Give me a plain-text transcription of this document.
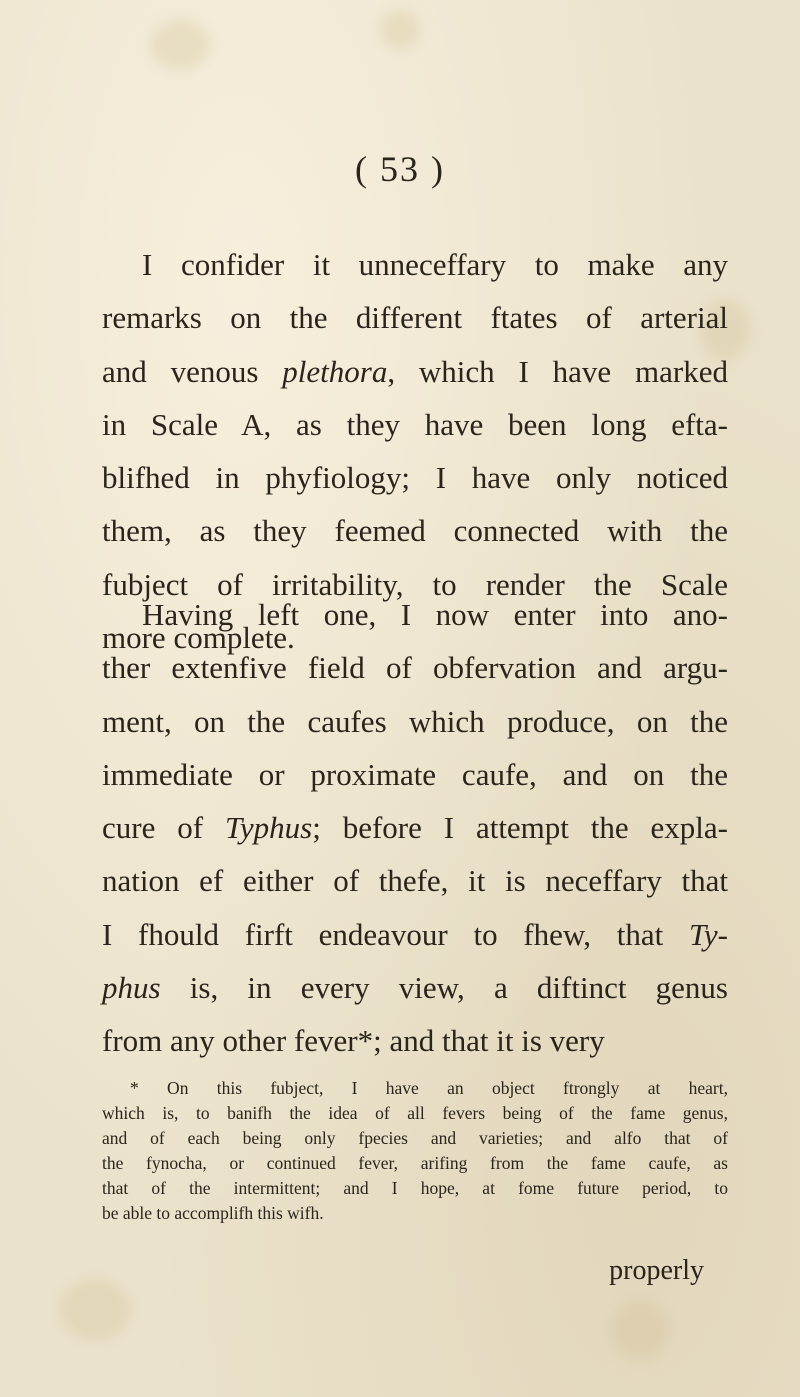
( 53 )
I confider it unneceffary to make any
remarks on the different ftates of arterial
and venous plethora, which I have marked
in Scale A, as they have been long efta-
blifhed in phyfiology; I have only noticed
them, as they feemed connected with the
fubject of irritability, to render the Scale
more complete.
Having left one, I now enter into ano-
ther extenfive field of obfervation and argu-
ment, on the caufes which produce, on the
immediate or proximate caufe, and on the
cure of Typhus; before I attempt the expla-
nation ef either of thefe, it is neceffary that
I fhould firft endeavour to fhew, that Ty-
phus is, in every view, a diftinct genus
from any other fever*; and that it is very
* On this fubject, I have an object ftrongly at heart,
which is, to banifh the idea of all fevers being of the fame genus,
and of each being only fpecies and varieties; and alfo that of
the fynocha, or continued fever, arifing from the fame caufe, as
that of the intermittent; and I hope, at fome future period, to
be able to accomplifh this wifh.
properly
